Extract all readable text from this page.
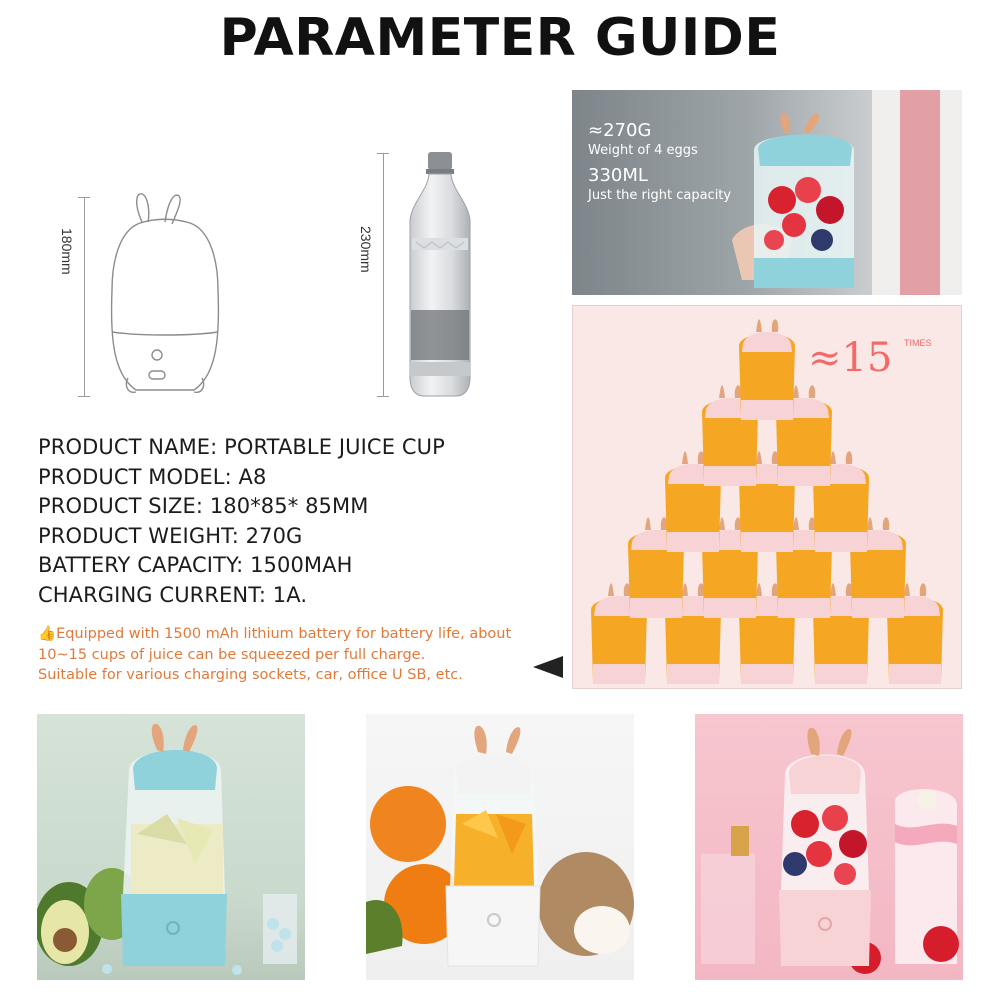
PARAMETER GUIDE
180mm	230mm
PRODUCT NAME: PORTABLE JUICE CUP
PRODUCT MODEL: A8
PRODUCT SIZE: 180*85* 85MM
PRODUCT WEIGHT: 270G
BATTERY CAPACITY: 1500MAH
CHARGING CURRENT: 1A.
👍Equipped with 1500 mAh lithium battery for battery life, about
10~15 cups of juice can be squeezed per full charge.
Suitable for various charging sockets, car, office U SB, etc.
≈270G
Weight of 4 eggs
330ML
Just the right capacity
≈15 TIMES
